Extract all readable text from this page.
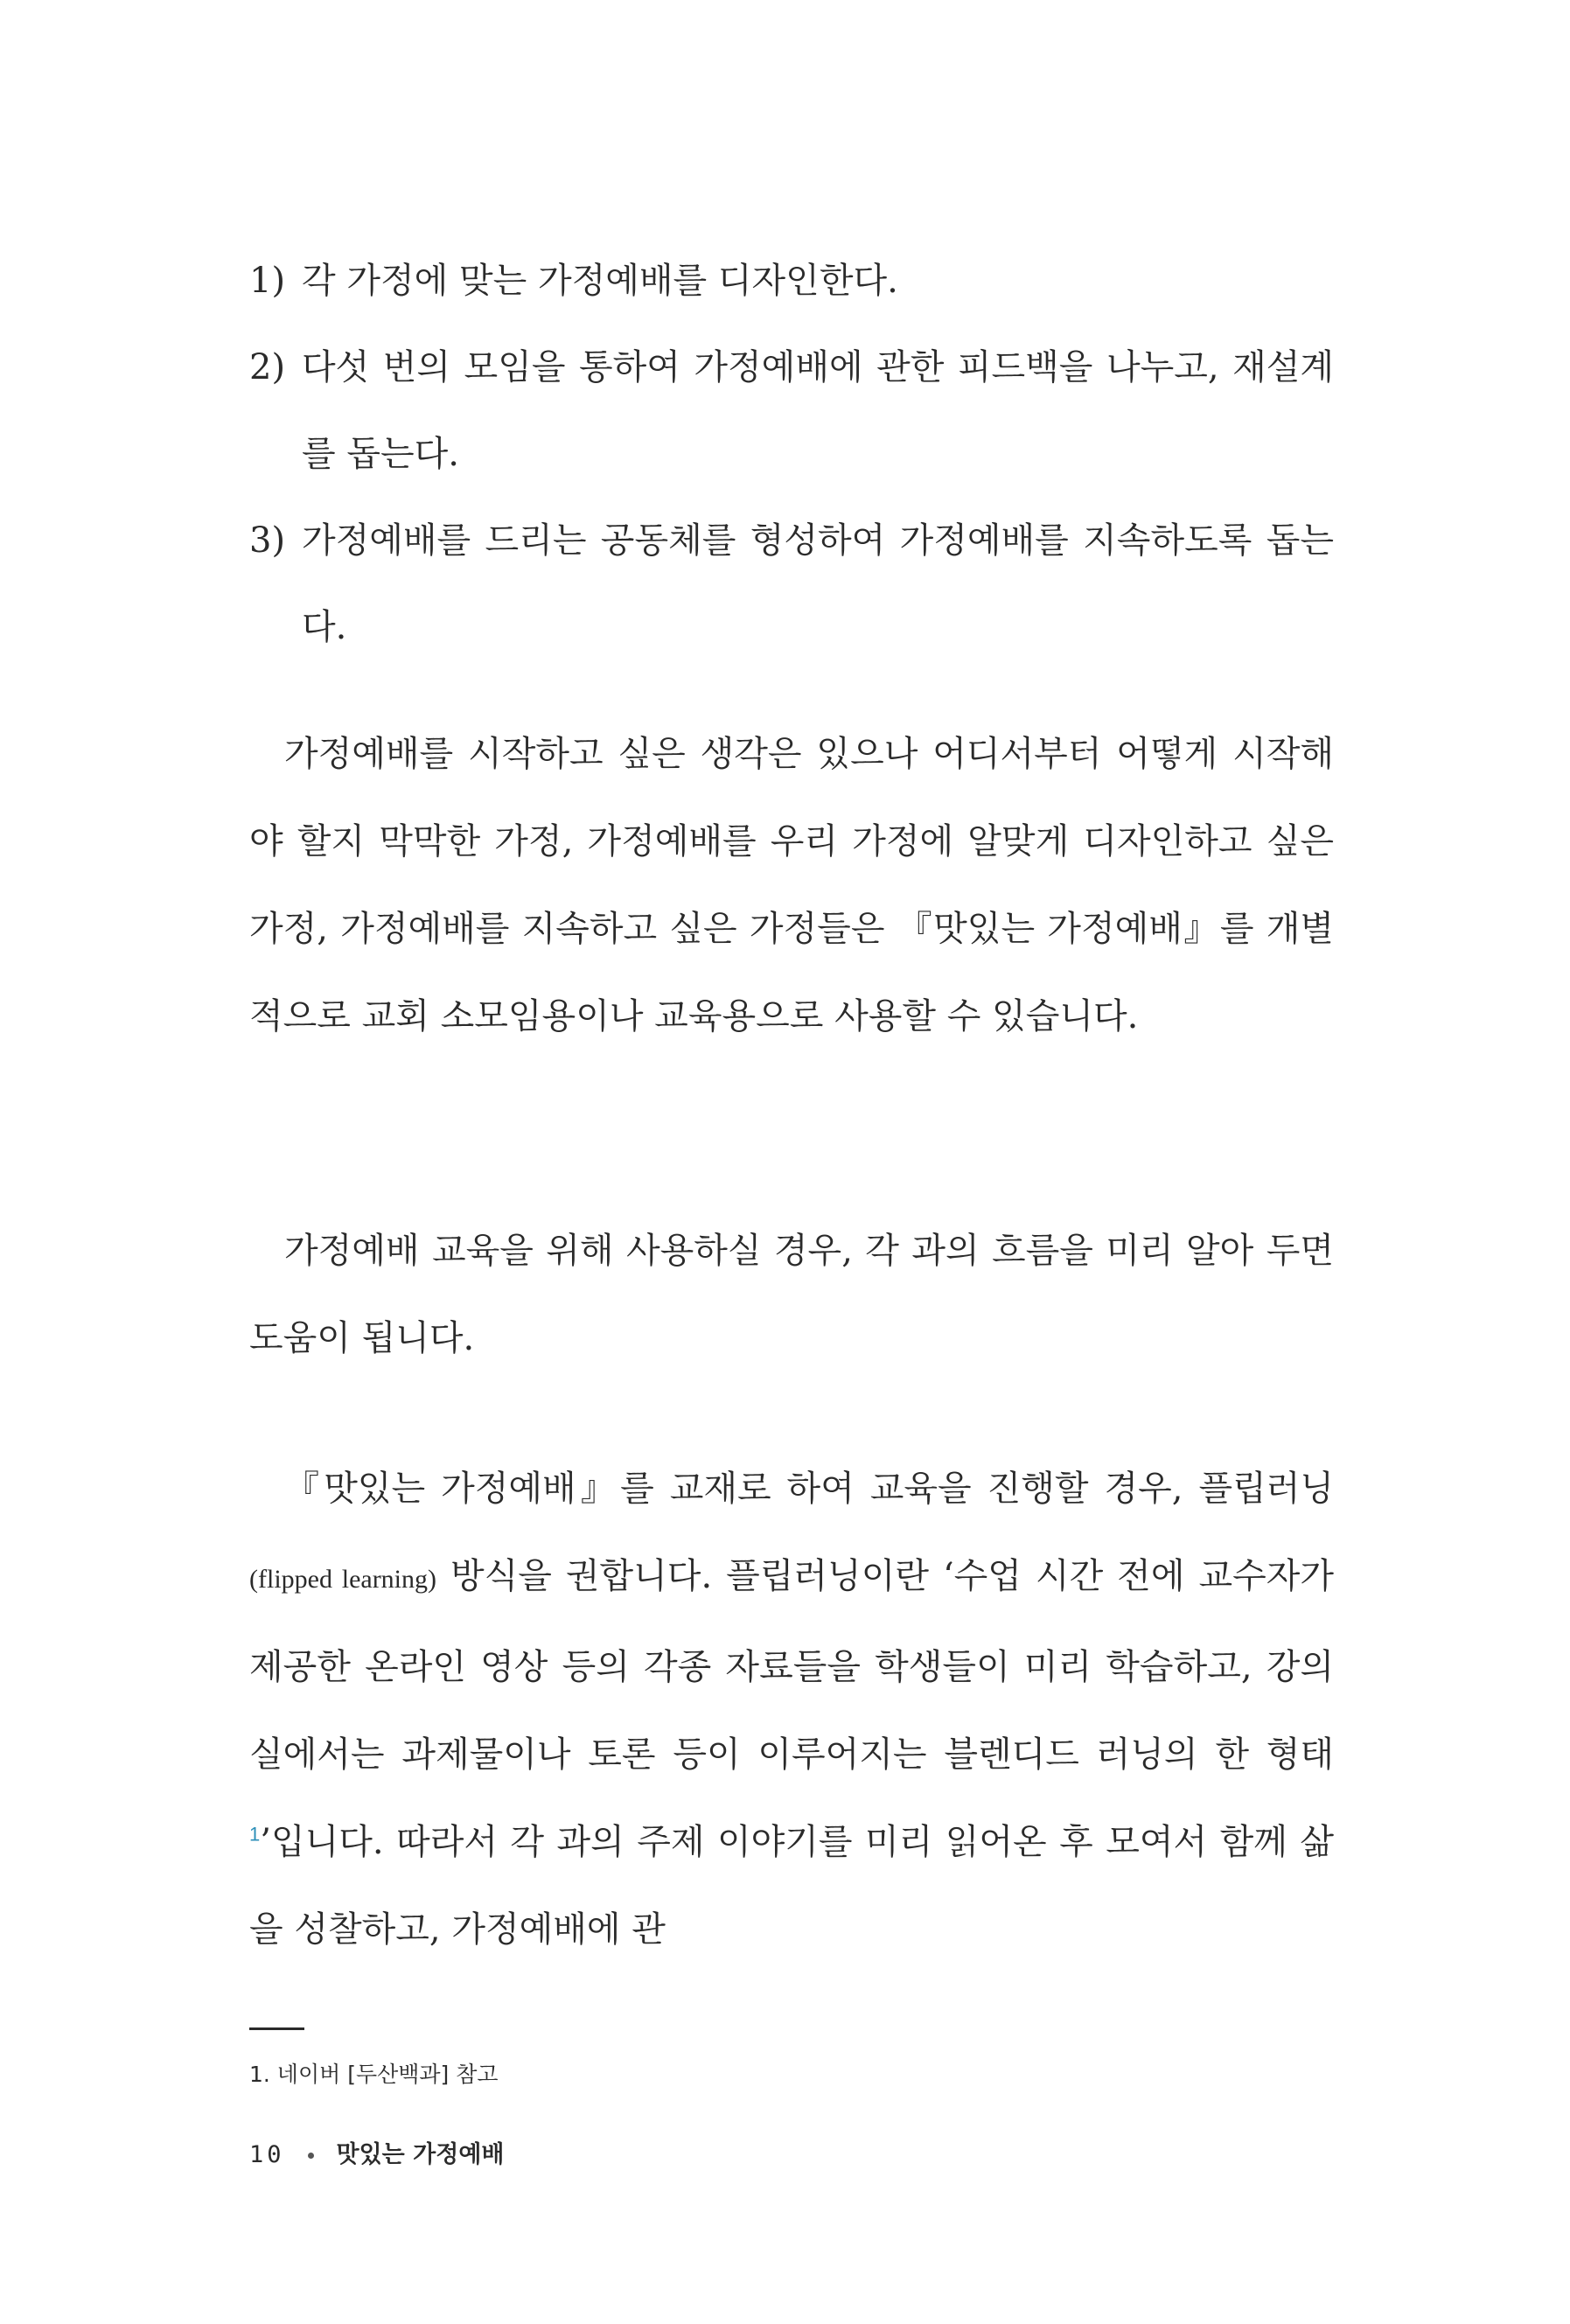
1) 각 가정에 맞는 가정예배를 디자인한다.
2) 다섯 번의 모임을 통하여 가정예배에 관한 피드백을 나누고, 재설계를 돕는다.
3) 가정예배를 드리는 공동체를 형성하여 가정예배를 지속하도록 돕는다.

가정예배를 시작하고 싶은 생각은 있으나 어디서부터 어떻게 시작해야 할지 막막한 가정, 가정예배를 우리 가정에 알맞게 디자인하고 싶은 가정, 가정예배를 지속하고 싶은 가정들은 『맛있는 가정예배』를 개별적으로 교회 소모임용이나 교육용으로 사용할 수 있습니다.

가정예배 교육을 위해 사용하실 경우, 각 과의 흐름을 미리 알아 두면 도움이 됩니다.

『맛있는 가정예배』를 교재로 하여 교육을 진행할 경우, 플립러닝(flipped learning) 방식을 권합니다. 플립러닝이란 ‘수업 시간 전에 교수자가 제공한 온라인 영상 등의 각종 자료들을 학생들이 미리 학습하고, 강의실에서는 과제물이나 토론 등이 이루어지는 블렌디드 러닝의 한 형태$^1$’입니다. 따라서 각 과의 주제 이야기를 미리 읽어온 후 모여서 함께 삶을 성찰하고, 가정예배에 관

1. 네이버 [두산백과] 참고

10 맛있는 가정예배
